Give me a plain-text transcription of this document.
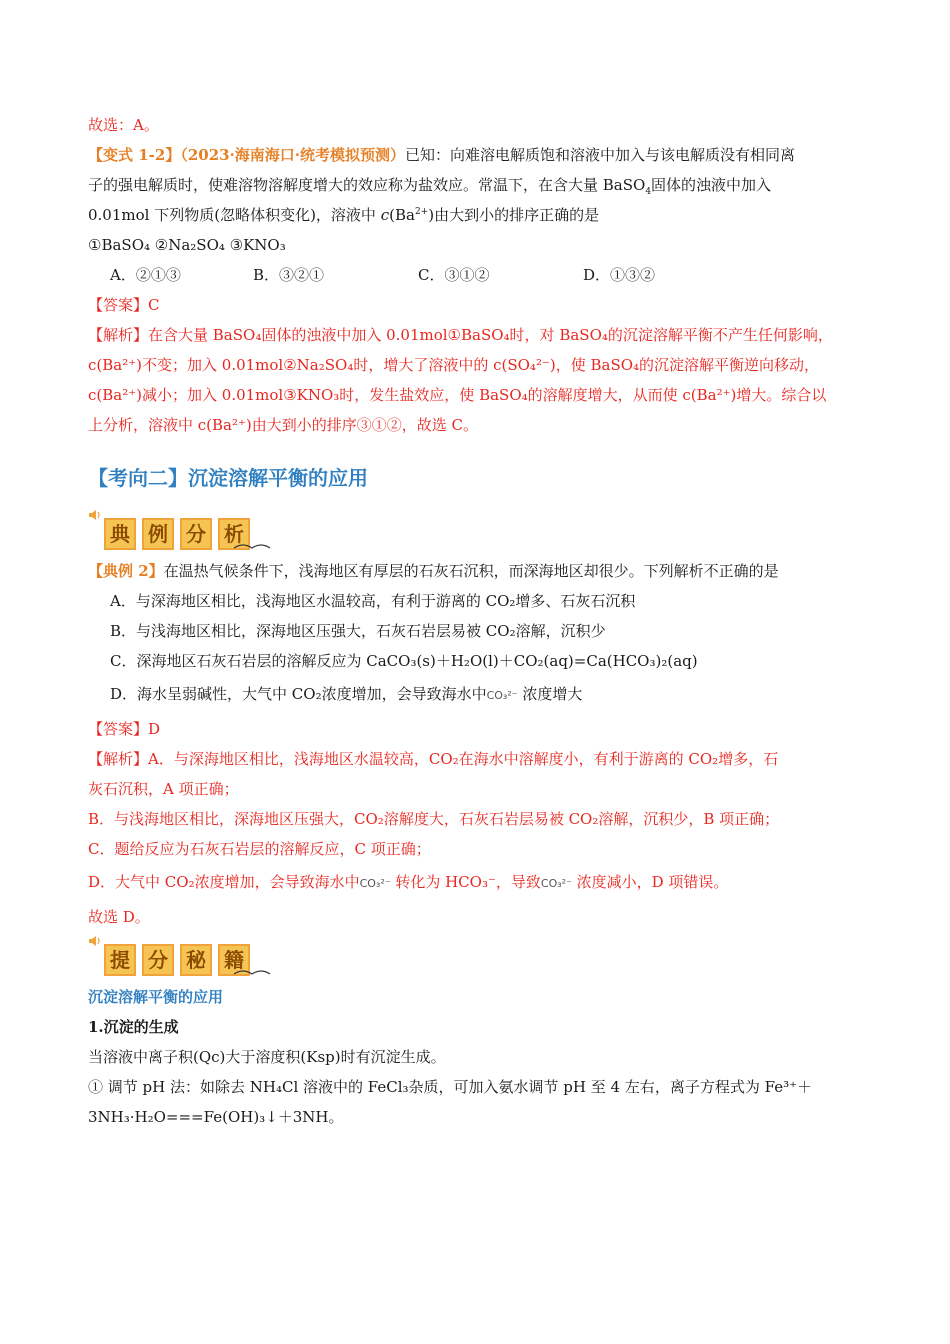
故选：A。
【变式 1-2】（2023·海南海口·统考模拟预测）已知：向难溶电解质饱和溶液中加入与该电解质没有相同离
子的强电解质时，使难溶物溶解度增大的效应称为盐效应。常温下，在含大量 BaSO$_4$固体的浊液中加入
0.01mol 下列物质(忽略体积变化)，溶液中 $c(Ba^{2+})$由大到小的排序正确的是
①BaSO₄ ②Na₂SO₄ ③KNO₃
A．②①③	B．③②①	C．③①②	D．①③②
【答案】C
【解析】在含大量 BaSO₄固体的浊液中加入 0.01mol①BaSO₄时，对 BaSO₄的沉淀溶解平衡不产生任何影响，
c(Ba²⁺)不变；加入 0.01mol②Na₂SO₄时，增大了溶液中的 c(SO₄²⁻)，使 BaSO₄的沉淀溶解平衡逆向移动，
c(Ba²⁺)减小；加入 0.01mol③KNO₃时，发生盐效应，使 BaSO₄的溶解度增大，从而使 c(Ba²⁺)增大。综合以
上分析，溶液中 c(Ba²⁺)由大到小的排序③①②，故选 C。
【考向二】沉淀溶解平衡的应用
典 例 分 析
【典例 2】在温热气候条件下，浅海地区有厚层的石灰石沉积，而深海地区却很少。下列解析不正确的是
A．与深海地区相比，浅海地区水温较高，有利于游离的 CO₂增多、石灰石沉积
B．与浅海地区相比，深海地区压强大，石灰石岩层易被 CO₂溶解，沉积少
C．深海地区石灰石岩层的溶解反应为 CaCO₃(s)＋H₂O(l)＋CO₂(aq)=Ca(HCO₃)₂(aq)
D．海水呈弱碱性，大气中 CO₂浓度增加，会导致海水中CO₃²⁻ 浓度增大
【答案】D
【解析】A．与深海地区相比，浅海地区水温较高，CO₂在海水中溶解度小，有利于游离的 CO₂增多，石
灰石沉积，A 项正确；
B．与浅海地区相比，深海地区压强大，CO₂溶解度大，石灰石岩层易被 CO₂溶解，沉积少，B 项正确；
C．题给反应为石灰石岩层的溶解反应，C 项正确；
D．大气中 CO₂浓度增加，会导致海水中CO₃²⁻ 转化为 HCO₃⁻，导致CO₃²⁻ 浓度减小，D 项错误。
故选 D。
提 分 秘 籍
沉淀溶解平衡的应用
1.沉淀的生成
当溶液中离子积(Qc)大于溶度积(Ksp)时有沉淀生成。
① 调节 pH 法：如除去 NH₄Cl 溶液中的 FeCl₃杂质，可加入氨水调节 pH 至 4 左右，离子方程式为 Fe³⁺＋
3NH₃·H₂O===Fe(OH)₃↓＋3NH。
